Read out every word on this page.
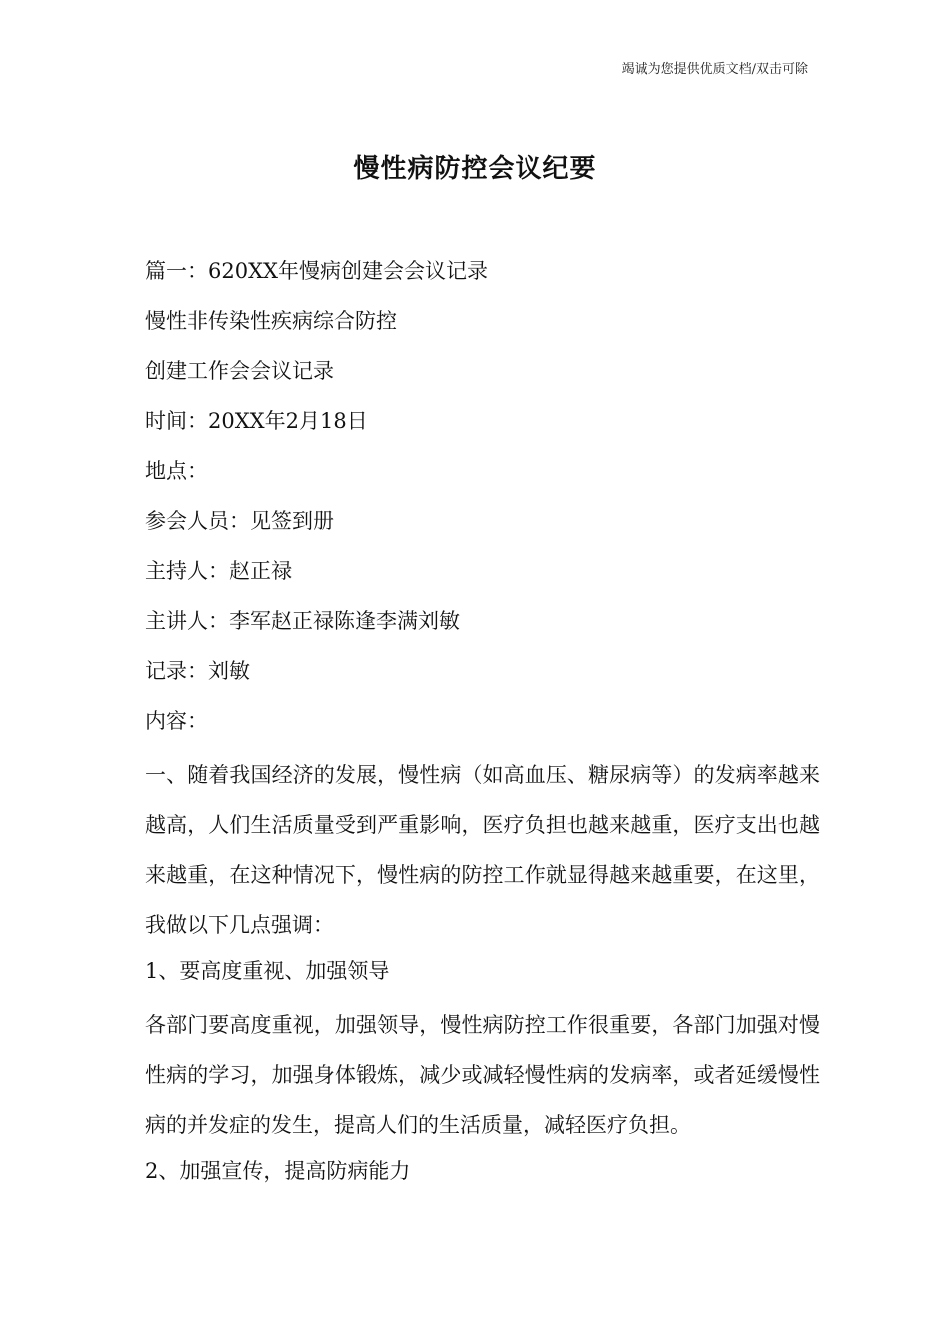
竭诚为您提供优质文档/双击可除
慢性病防控会议纪要
篇一：620XX年慢病创建会会议记录
慢性非传染性疾病综合防控
创建工作会会议记录
时间：20XX年2月18日
地点：
参会人员：见签到册
主持人：赵正禄
主讲人：李军赵正禄陈逢李满刘敏
记录：刘敏
内容：

一、随着我国经济的发展，慢性病（如高血压、糖尿病等）的发病率越来越高，人们生活质量受到严重影响，医疗负担也越来越重，医疗支出也越来越重，在这种情况下，慢性病的防控工作就显得越来越重要，在这里，我做以下几点强调：

1、要高度重视、加强领导

各部门要高度重视，加强领导，慢性病防控工作很重要，各部门加强对慢性病的学习，加强身体锻炼，减少或减轻慢性病的发病率，或者延缓慢性病的并发症的发生，提高人们的生活质量，减轻医疗负担。

2、加强宣传，提高防病能力
